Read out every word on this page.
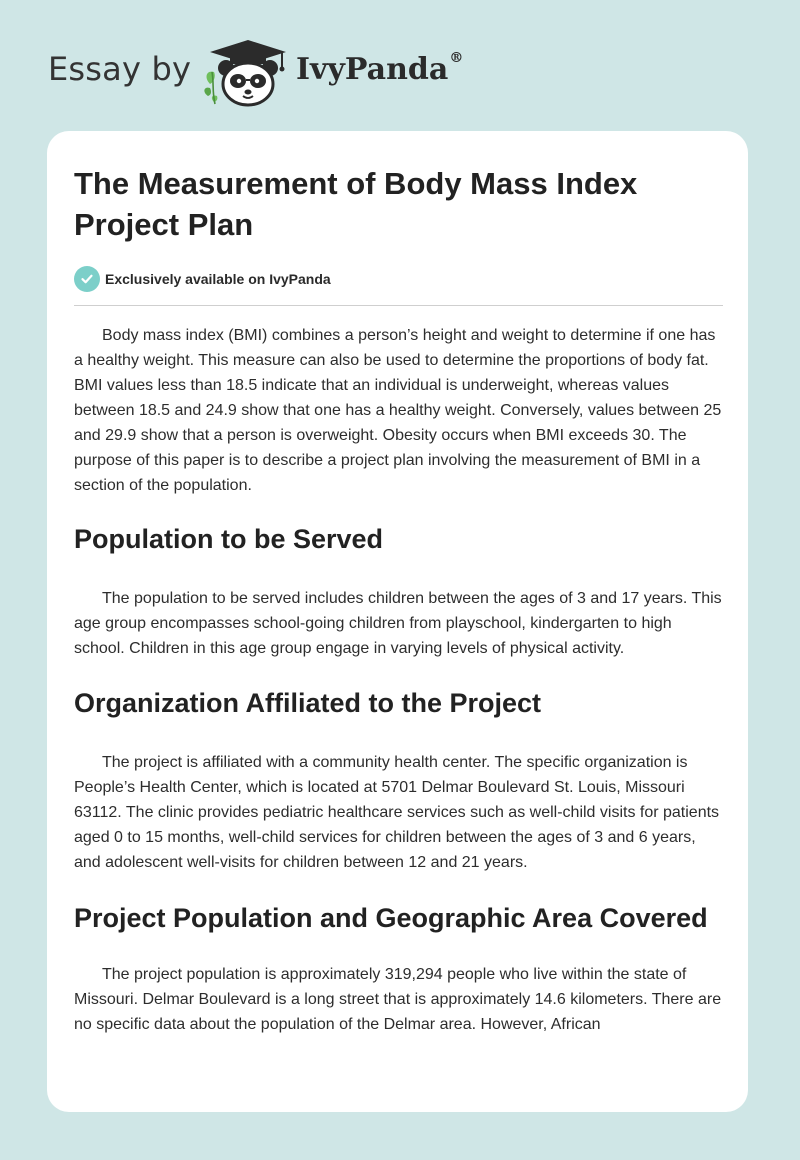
Essay by	IvyPanda®
The Measurement of Body Mass Index Project Plan
Exclusively available on IvyPanda

Body mass index (BMI) combines a person’s height and weight to determine if one has a healthy weight. This measure can also be used to determine the proportions of body fat. BMI values less than 18.5 indicate that an individual is underweight, whereas values between 18.5 and 24.9 show that one has a healthy weight. Conversely, values between 25 and 29.9 show that a person is overweight. Obesity occurs when BMI exceeds 30. The purpose of this paper is to describe a project plan involving the measurement of BMI in a section of the population.

Population to be Served

The population to be served includes children between the ages of 3 and 17 years. This age group encompasses school-going children from playschool, kindergarten to high school. Children in this age group engage in varying levels of physical activity.

Organization Affiliated to the Project

The project is affiliated with a community health center. The specific organization is People’s Health Center, which is located at 5701 Delmar Boulevard St. Louis, Missouri 63112. The clinic provides pediatric healthcare services such as well-child visits for patients aged 0 to 15 months, well-child services for children between the ages of 3 and 6 years, and adolescent well-visits for children between 12 and 21 years.

Project Population and Geographic Area Covered

The project population is approximately 319,294 people who live within the state of Missouri. Delmar Boulevard is a long street that is approximately 14.6 kilometers. There are no specific data about the population of the Delmar area. However, African
